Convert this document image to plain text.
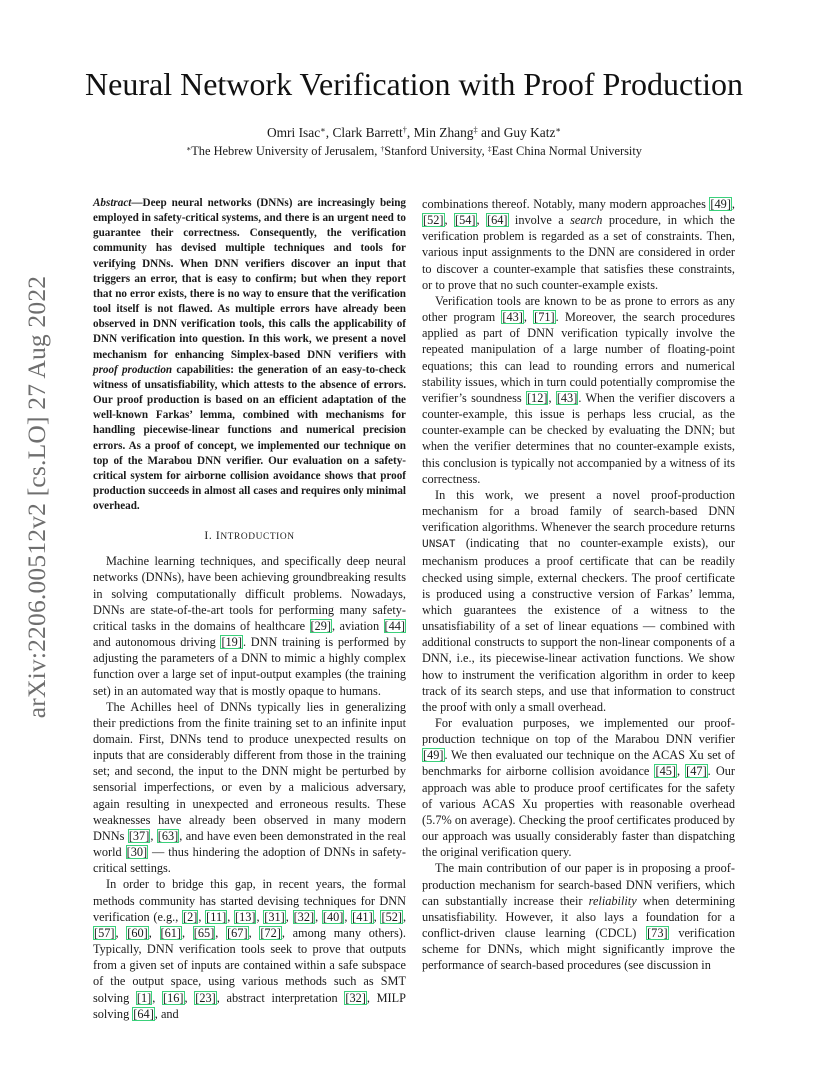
arXiv:2206.00512v2 [cs.LO] 27 Aug 2022
Neural Network Verification with Proof Production
Omri Isac∗, Clark Barrett†, Min Zhang‡ and Guy Katz∗
∗The Hebrew University of Jerusalem, †Stanford University, ‡East China Normal University

Abstract—Deep neural networks (DNNs) are increasingly being employed in safety-critical systems, and there is an urgent need to guarantee their correctness. Consequently, the verification community has devised multiple techniques and tools for verifying DNNs. When DNN verifiers discover an input that triggers an error, that is easy to confirm; but when they report that no error exists, there is no way to ensure that the verification tool itself is not flawed. As multiple errors have already been observed in DNN verification tools, this calls the applicability of DNN verification into question. In this work, we present a novel mechanism for enhancing Simplex-based DNN verifiers with proof production capabilities: the generation of an easy-to-check witness of unsatisfiability, which attests to the absence of errors. Our proof production is based on an efficient adaptation of the well-known Farkas’ lemma, combined with mechanisms for handling piecewise-linear functions and numerical precision errors. As a proof of concept, we implemented our technique on top of the Marabou DNN verifier. Our evaluation on a safety-critical system for airborne collision avoidance shows that proof production succeeds in almost all cases and requires only minimal overhead.

I. INTRODUCTION

Machine learning techniques, and specifically deep neural networks (DNNs), have been achieving groundbreaking results in solving computationally difficult problems. Nowadays, DNNs are state-of-the-art tools for performing many safety-critical tasks in the domains of healthcare [29], aviation [44] and autonomous driving [19]. DNN training is performed by adjusting the parameters of a DNN to mimic a highly complex function over a large set of input-output examples (the training set) in an automated way that is mostly opaque to humans.

The Achilles heel of DNNs typically lies in generalizing their predictions from the finite training set to an infinite input domain. First, DNNs tend to produce unexpected results on inputs that are considerably different from those in the training set; and second, the input to the DNN might be perturbed by sensorial imperfections, or even by a malicious adversary, again resulting in unexpected and erroneous results. These weaknesses have already been observed in many modern DNNs [37], [63], and have even been demonstrated in the real world [30] — thus hindering the adoption of DNNs in safety-critical settings.

In order to bridge this gap, in recent years, the formal methods community has started devising techniques for DNN verification (e.g., [2], [11], [13], [31], [32], [40], [41], [52], [57], [60], [61], [65], [67], [72], among many others). Typically, DNN verification tools seek to prove that outputs from a given set of inputs are contained within a safe subspace of the output space, using various methods such as SMT solving [1], [16], [23], abstract interpretation [32], MILP solving [64], and

combinations thereof. Notably, many modern approaches [49], [52], [54], [64] involve a search procedure, in which the verification problem is regarded as a set of constraints. Then, various input assignments to the DNN are considered in order to discover a counter-example that satisfies these constraints, or to prove that no such counter-example exists.

Verification tools are known to be as prone to errors as any other program [43], [71]. Moreover, the search procedures applied as part of DNN verification typically involve the repeated manipulation of a large number of floating-point equations; this can lead to rounding errors and numerical stability issues, which in turn could potentially compromise the verifier’s soundness [12], [43]. When the verifier discovers a counter-example, this issue is perhaps less crucial, as the counter-example can be checked by evaluating the DNN; but when the verifier determines that no counter-example exists, this conclusion is typically not accompanied by a witness of its correctness.

In this work, we present a novel proof-production mechanism for a broad family of search-based DNN verification algorithms. Whenever the search procedure returns UNSAT (indicating that no counter-example exists), our mechanism produces a proof certificate that can be readily checked using simple, external checkers. The proof certificate is produced using a constructive version of Farkas’ lemma, which guarantees the existence of a witness to the unsatisfiability of a set of linear equations — combined with additional constructs to support the non-linear components of a DNN, i.e., its piecewise-linear activation functions. We show how to instrument the verification algorithm in order to keep track of its search steps, and use that information to construct the proof with only a small overhead.

For evaluation purposes, we implemented our proof-production technique on top of the Marabou DNN verifier [49]. We then evaluated our technique on the ACAS Xu set of benchmarks for airborne collision avoidance [45], [47]. Our approach was able to produce proof certificates for the safety of various ACAS Xu properties with reasonable overhead (5.7% on average). Checking the proof certificates produced by our approach was usually considerably faster than dispatching the original verification query.

The main contribution of our paper is in proposing a proof-production mechanism for search-based DNN verifiers, which can substantially increase their reliability when determining unsatisfiability. However, it also lays a foundation for a conflict-driven clause learning (CDCL) [73] verification scheme for DNNs, which might significantly improve the performance of search-based procedures (see discussion in
